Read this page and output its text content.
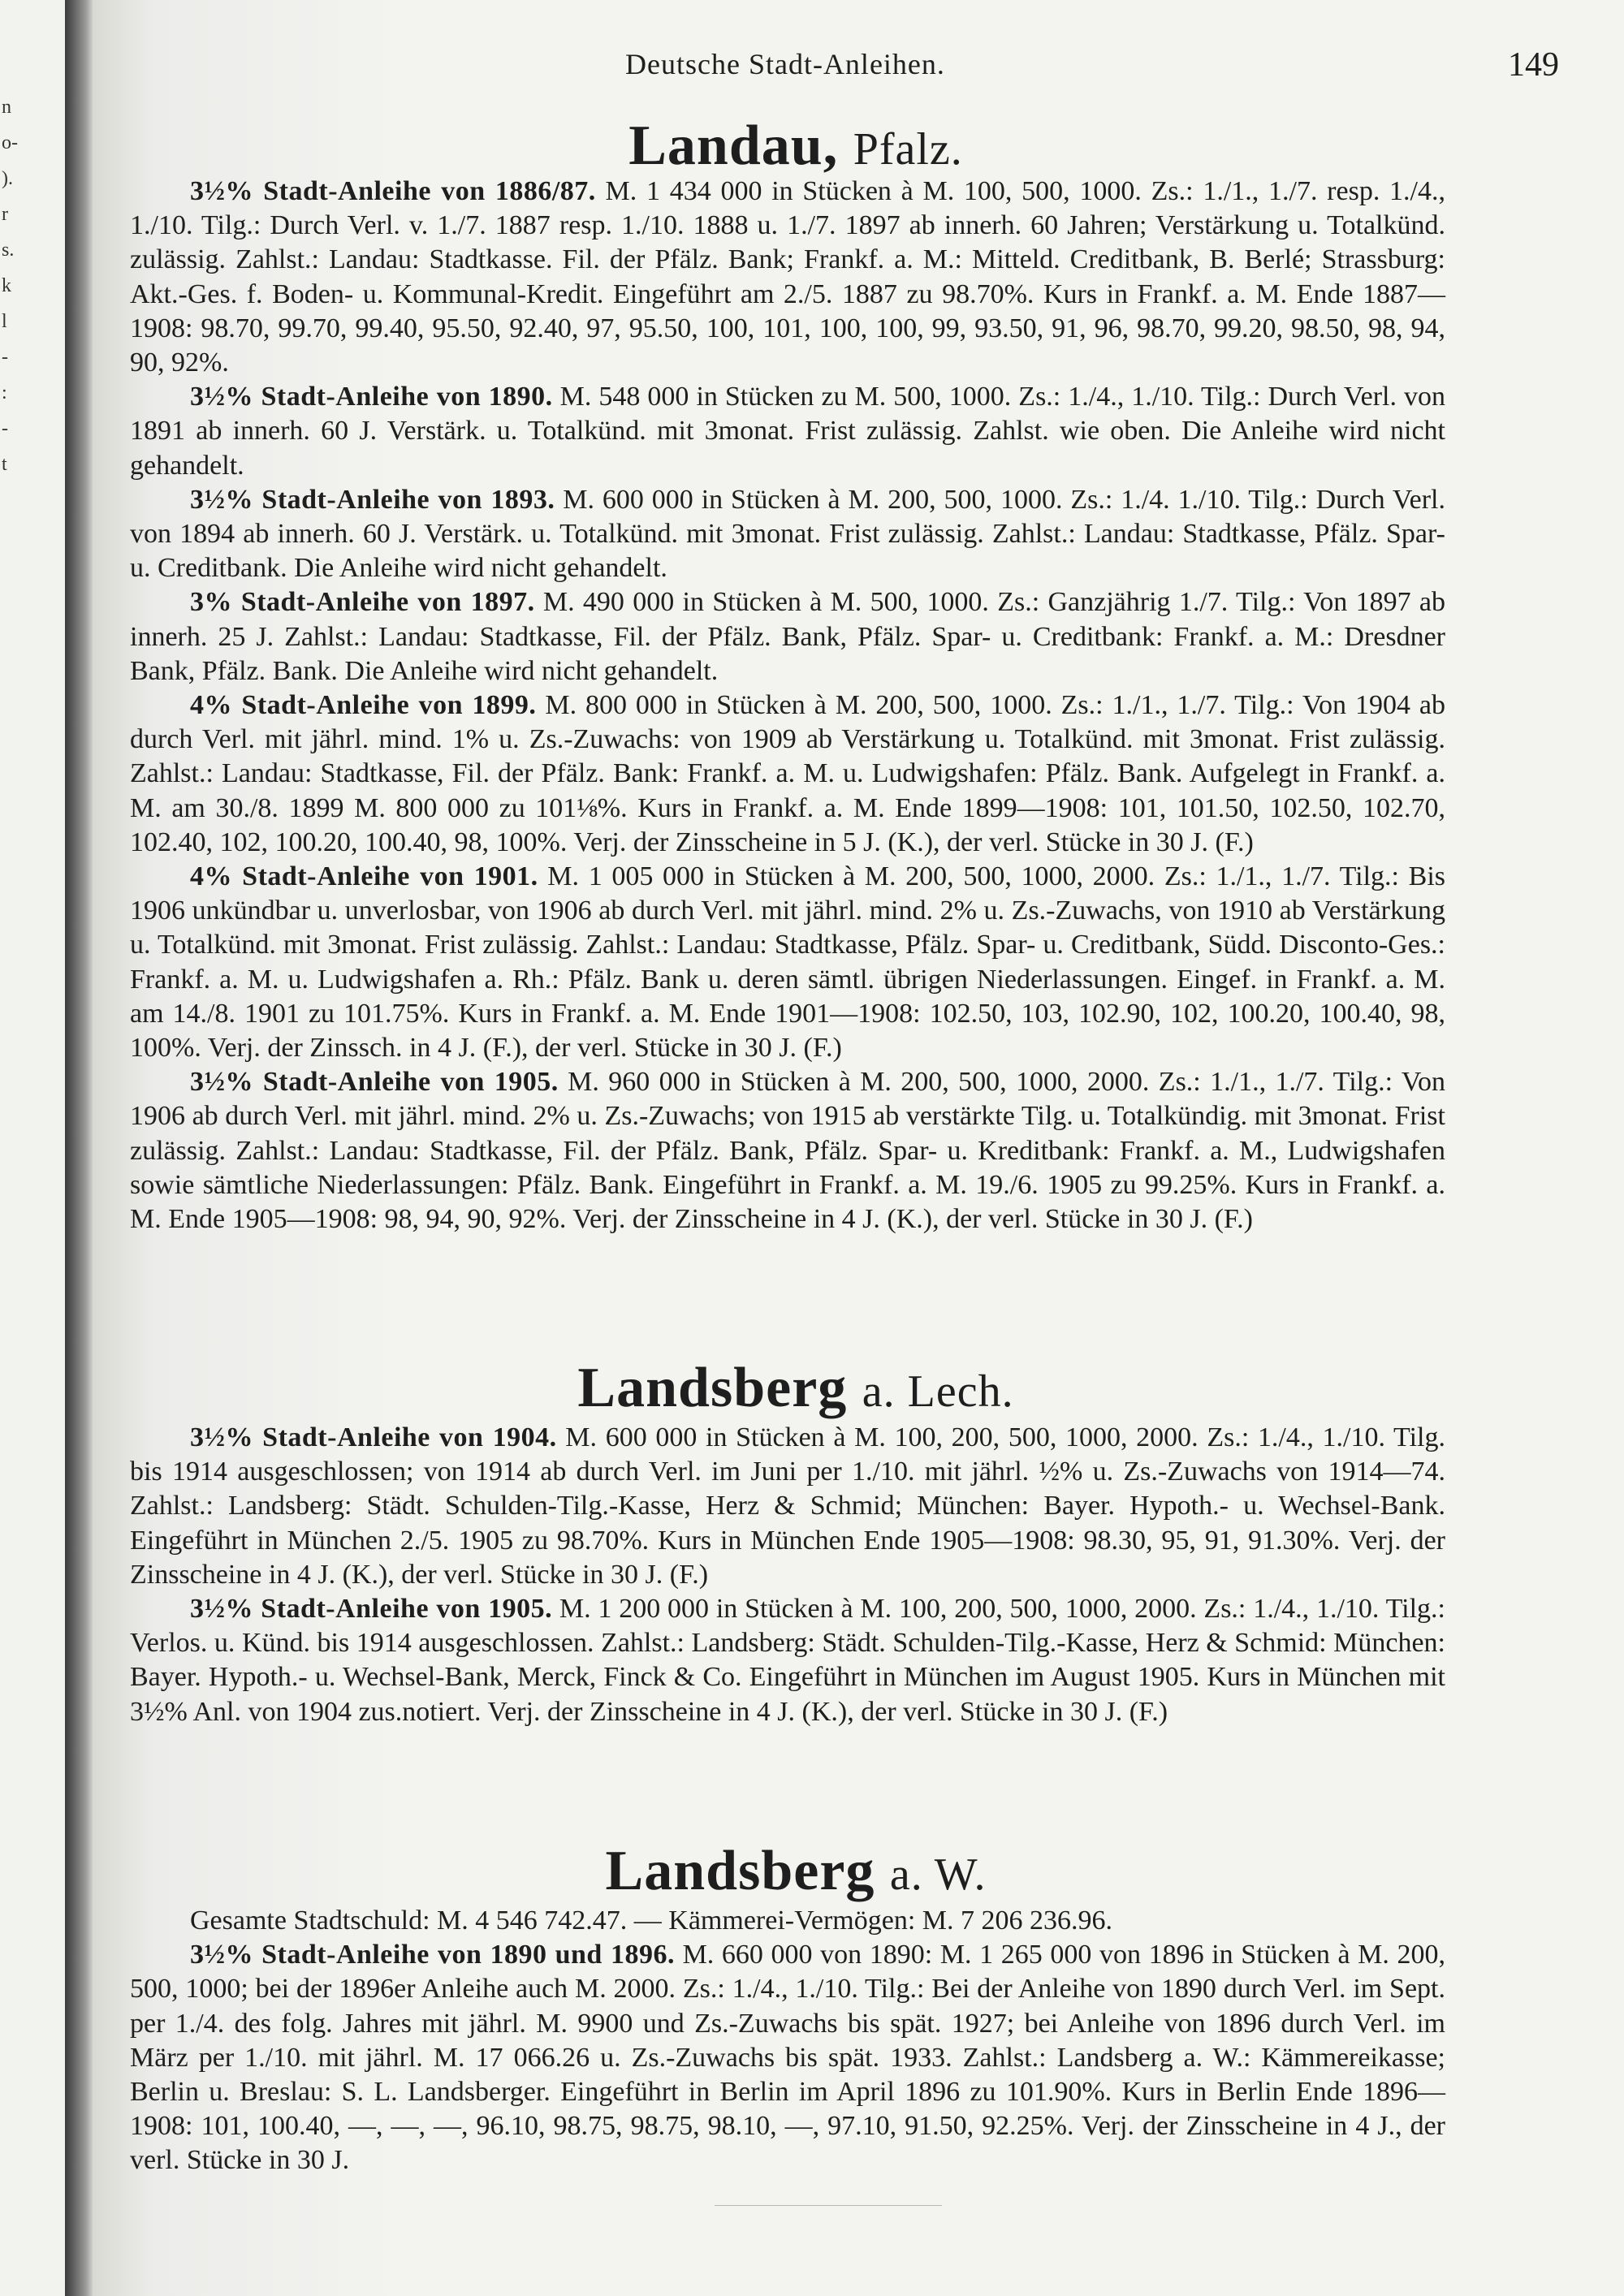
n
o-
).
r
s.
k
l
-
:
-
t
Deutsche Stadt-Anleihen.	149
Landau, Pfalz.

3½% Stadt-Anleihe von 1886/87. M. 1 434 000 in Stücken à M. 100, 500, 1000. Zs.: 1./1., 1./7. resp. 1./4., 1./10. Tilg.: Durch Verl. v. 1./7. 1887 resp. 1./10. 1888 u. 1./7. 1897 ab innerh. 60 Jahren; Verstärkung u. Totalkünd. zulässig. Zahlst.: Landau: Stadtkasse. Fil. der Pfälz. Bank; Frankf. a. M.: Mitteld. Creditbank, B. Berlé; Strassburg: Akt.-Ges. f. Boden- u. Kommunal-Kredit. Eingeführt am 2./5. 1887 zu 98.70%. Kurs in Frankf. a. M. Ende 1887—1908: 98.70, 99.70, 99.40, 95.50, 92.40, 97, 95.50, 100, 101, 100, 100, 99, 93.50, 91, 96, 98.70, 99.20, 98.50, 98, 94, 90, 92%.

3½% Stadt-Anleihe von 1890. M. 548 000 in Stücken zu M. 500, 1000. Zs.: 1./4., 1./10. Tilg.: Durch Verl. von 1891 ab innerh. 60 J. Verstärk. u. Totalkünd. mit 3monat. Frist zulässig. Zahlst. wie oben. Die Anleihe wird nicht gehandelt.

3½% Stadt-Anleihe von 1893. M. 600 000 in Stücken à M. 200, 500, 1000. Zs.: 1./4. 1./10. Tilg.: Durch Verl. von 1894 ab innerh. 60 J. Verstärk. u. Totalkünd. mit 3monat. Frist zulässig. Zahlst.: Landau: Stadtkasse, Pfälz. Spar- u. Creditbank. Die Anleihe wird nicht gehandelt.

3% Stadt-Anleihe von 1897. M. 490 000 in Stücken à M. 500, 1000. Zs.: Ganzjährig 1./7. Tilg.: Von 1897 ab innerh. 25 J. Zahlst.: Landau: Stadtkasse, Fil. der Pfälz. Bank, Pfälz. Spar- u. Creditbank: Frankf. a. M.: Dresdner Bank, Pfälz. Bank. Die Anleihe wird nicht gehandelt.

4% Stadt-Anleihe von 1899. M. 800 000 in Stücken à M. 200, 500, 1000. Zs.: 1./1., 1./7. Tilg.: Von 1904 ab durch Verl. mit jährl. mind. 1% u. Zs.-Zuwachs: von 1909 ab Verstärkung u. Totalkünd. mit 3monat. Frist zulässig. Zahlst.: Landau: Stadtkasse, Fil. der Pfälz. Bank: Frankf. a. M. u. Ludwigshafen: Pfälz. Bank. Aufgelegt in Frankf. a. M. am 30./8. 1899 M. 800 000 zu 101⅛%. Kurs in Frankf. a. M. Ende 1899—1908: 101, 101.50, 102.50, 102.70, 102.40, 102, 100.20, 100.40, 98, 100%. Verj. der Zinsscheine in 5 J. (K.), der verl. Stücke in 30 J. (F.)

4% Stadt-Anleihe von 1901. M. 1 005 000 in Stücken à M. 200, 500, 1000, 2000. Zs.: 1./1., 1./7. Tilg.: Bis 1906 unkündbar u. unverlosbar, von 1906 ab durch Verl. mit jährl. mind. 2% u. Zs.-Zuwachs, von 1910 ab Verstärkung u. Totalkünd. mit 3monat. Frist zulässig. Zahlst.: Landau: Stadtkasse, Pfälz. Spar- u. Creditbank, Südd. Disconto-Ges.: Frankf. a. M. u. Ludwigshafen a. Rh.: Pfälz. Bank u. deren sämtl. übrigen Niederlassungen. Eingef. in Frankf. a. M. am 14./8. 1901 zu 101.75%. Kurs in Frankf. a. M. Ende 1901—1908: 102.50, 103, 102.90, 102, 100.20, 100.40, 98, 100%. Verj. der Zinssch. in 4 J. (F.), der verl. Stücke in 30 J. (F.)

3½% Stadt-Anleihe von 1905. M. 960 000 in Stücken à M. 200, 500, 1000, 2000. Zs.: 1./1., 1./7. Tilg.: Von 1906 ab durch Verl. mit jährl. mind. 2% u. Zs.-Zuwachs; von 1915 ab verstärkte Tilg. u. Totalkündig. mit 3monat. Frist zulässig. Zahlst.: Landau: Stadtkasse, Fil. der Pfälz. Bank, Pfälz. Spar- u. Kreditbank: Frankf. a. M., Ludwigshafen sowie sämtliche Niederlassungen: Pfälz. Bank. Eingeführt in Frankf. a. M. 19./6. 1905 zu 99.25%. Kurs in Frankf. a. M. Ende 1905—1908: 98, 94, 90, 92%. Verj. der Zinsscheine in 4 J. (K.), der verl. Stücke in 30 J. (F.)

Landsberg a. Lech.

3½% Stadt-Anleihe von 1904. M. 600 000 in Stücken à M. 100, 200, 500, 1000, 2000. Zs.: 1./4., 1./10. Tilg. bis 1914 ausgeschlossen; von 1914 ab durch Verl. im Juni per 1./10. mit jährl. ½% u. Zs.-Zuwachs von 1914—74. Zahlst.: Landsberg: Städt. Schulden-Tilg.-Kasse, Herz & Schmid; München: Bayer. Hypoth.- u. Wechsel-Bank. Eingeführt in München 2./5. 1905 zu 98.70%. Kurs in München Ende 1905—1908: 98.30, 95, 91, 91.30%. Verj. der Zinsscheine in 4 J. (K.), der verl. Stücke in 30 J. (F.)

3½% Stadt-Anleihe von 1905. M. 1 200 000 in Stücken à M. 100, 200, 500, 1000, 2000. Zs.: 1./4., 1./10. Tilg.: Verlos. u. Künd. bis 1914 ausgeschlossen. Zahlst.: Landsberg: Städt. Schulden-Tilg.-Kasse, Herz & Schmid: München: Bayer. Hypoth.- u. Wechsel-Bank, Merck, Finck & Co. Eingeführt in München im August 1905. Kurs in München mit 3½% Anl. von 1904 zus.notiert. Verj. der Zinsscheine in 4 J. (K.), der verl. Stücke in 30 J. (F.)

Landsberg a. W.

Gesamte Stadtschuld: M. 4 546 742.47. — Kämmerei-Vermögen: M. 7 206 236.96.

3½% Stadt-Anleihe von 1890 und 1896. M. 660 000 von 1890: M. 1 265 000 von 1896 in Stücken à M. 200, 500, 1000; bei der 1896er Anleihe auch M. 2000. Zs.: 1./4., 1./10. Tilg.: Bei der Anleihe von 1890 durch Verl. im Sept. per 1./4. des folg. Jahres mit jährl. M. 9900 und Zs.-Zuwachs bis spät. 1927; bei Anleihe von 1896 durch Verl. im März per 1./10. mit jährl. M. 17 066.26 u. Zs.-Zuwachs bis spät. 1933. Zahlst.: Landsberg a. W.: Kämmereikasse; Berlin u. Breslau: S. L. Landsberger. Eingeführt in Berlin im April 1896 zu 101.90%. Kurs in Berlin Ende 1896—1908: 101, 100.40, —, —, —, 96.10, 98.75, 98.75, 98.10, —, 97.10, 91.50, 92.25%. Verj. der Zinsscheine in 4 J., der verl. Stücke in 30 J.
